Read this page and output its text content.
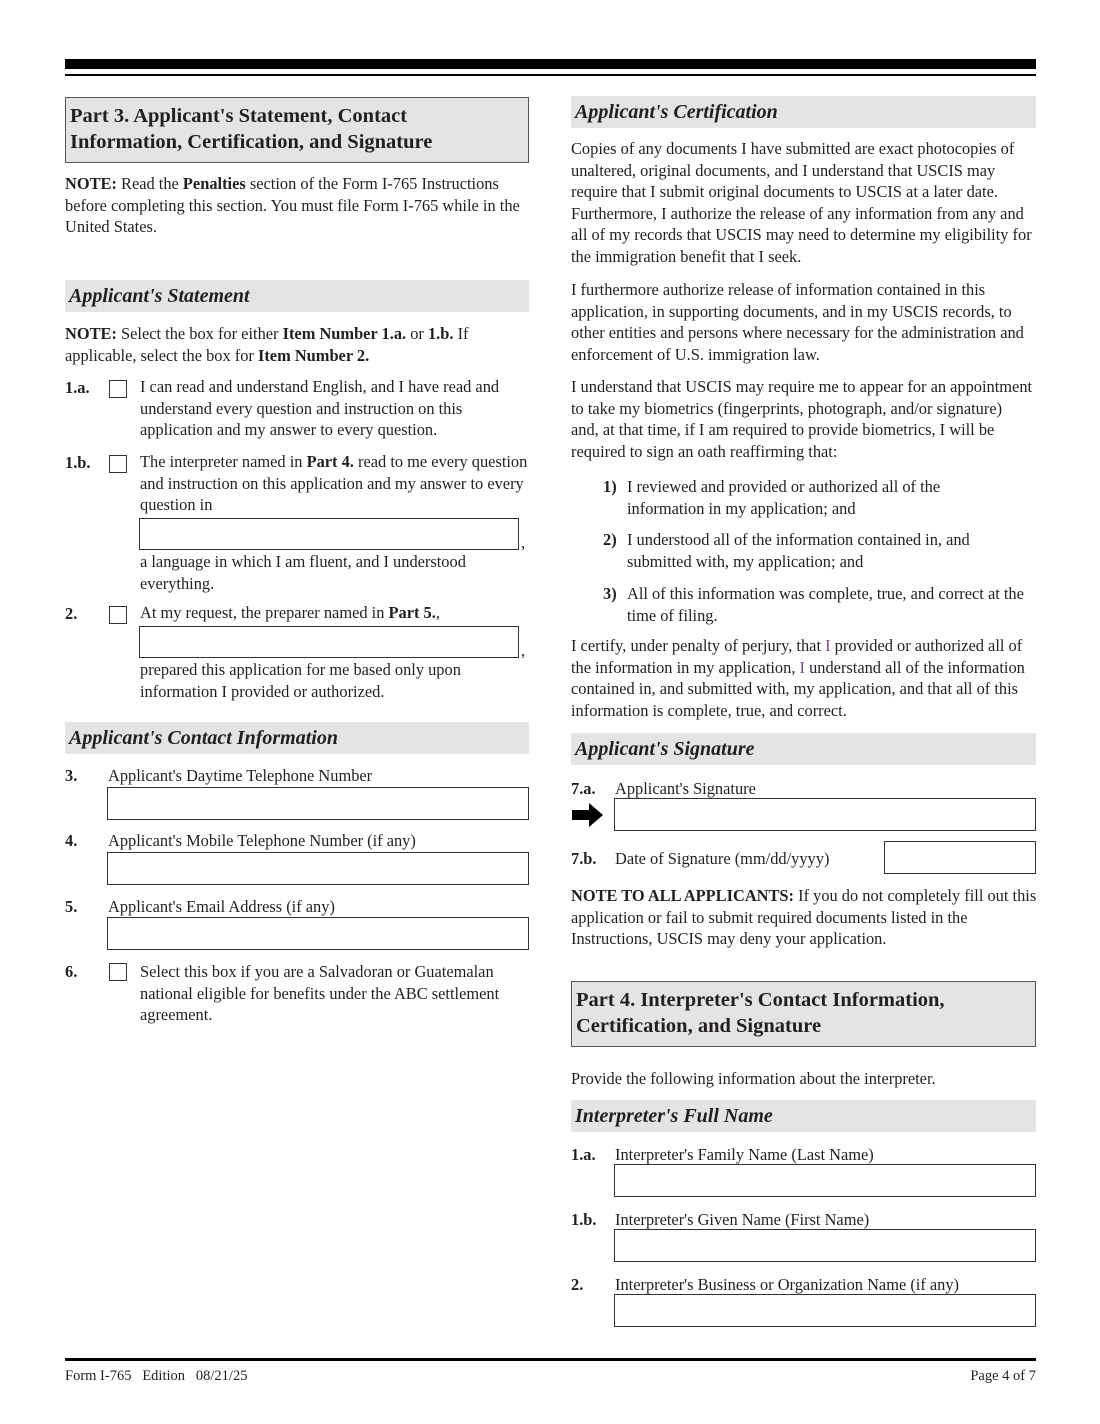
Part 3. Applicant's Statement, Contact
Information, Certification, and Signature
NOTE: Read the Penalties section of the Form I-765 Instructions before completing this section. You must file Form I-765 while in the United States.
Applicant's Statement
NOTE: Select the box for either Item Number 1.a. or 1.b. If applicable, select the box for Item Number 2.
1.a.	I can read and understand English, and I have read and understand every question and instruction on this application and my answer to every question.
1.b.	The interpreter named in Part 4. read to me every question and instruction on this application and my answer to every question in
,
a language in which I am fluent, and I understood everything.
2.	At my request, the preparer named in Part 5.,
,
prepared this application for me based only upon information I provided or authorized.
Applicant's Contact Information
3. Applicant's Daytime Telephone Number
4. Applicant's Mobile Telephone Number (if any)
5. Applicant's Email Address (if any)
6.	Select this box if you are a Salvadoran or Guatemalan national eligible for benefits under the ABC settlement agreement.
Applicant's Certification
Copies of any documents I have submitted are exact photocopies of unaltered, original documents, and I understand that USCIS may require that I submit original documents to USCIS at a later date. Furthermore, I authorize the release of any information from any and all of my records that USCIS may need to determine my eligibility for the immigration benefit that I seek.
I furthermore authorize release of information contained in this application, in supporting documents, and in my USCIS records, to other entities and persons where necessary for the administration and enforcement of U.S. immigration law.
I understand that USCIS may require me to appear for an appointment to take my biometrics (fingerprints, photograph, and/or signature) and, at that time, if I am required to provide biometrics, I will be required to sign an oath reaffirming that:
1) I reviewed and provided or authorized all of the information in my application; and
2) I understood all of the information contained in, and submitted with, my application; and
3) All of this information was complete, true, and correct at the time of filing.
I certify, under penalty of perjury, that I provided or authorized all of the information in my application, I understand all of the information contained in, and submitted with, my application, and that all of this information is complete, true, and correct.
Applicant's Signature
7.a. Applicant's Signature
7.b. Date of Signature (mm/dd/yyyy)
NOTE TO ALL APPLICANTS: If you do not completely fill out this application or fail to submit required documents listed in the Instructions, USCIS may deny your application.
Part 4. Interpreter's Contact Information,
Certification, and Signature
Provide the following information about the interpreter.
Interpreter's Full Name
1.a. Interpreter's Family Name (Last Name)
1.b. Interpreter's Given Name (First Name)
2. Interpreter's Business or Organization Name (if any)
Form I-765   Edition   08/21/25	Page 4 of 7
